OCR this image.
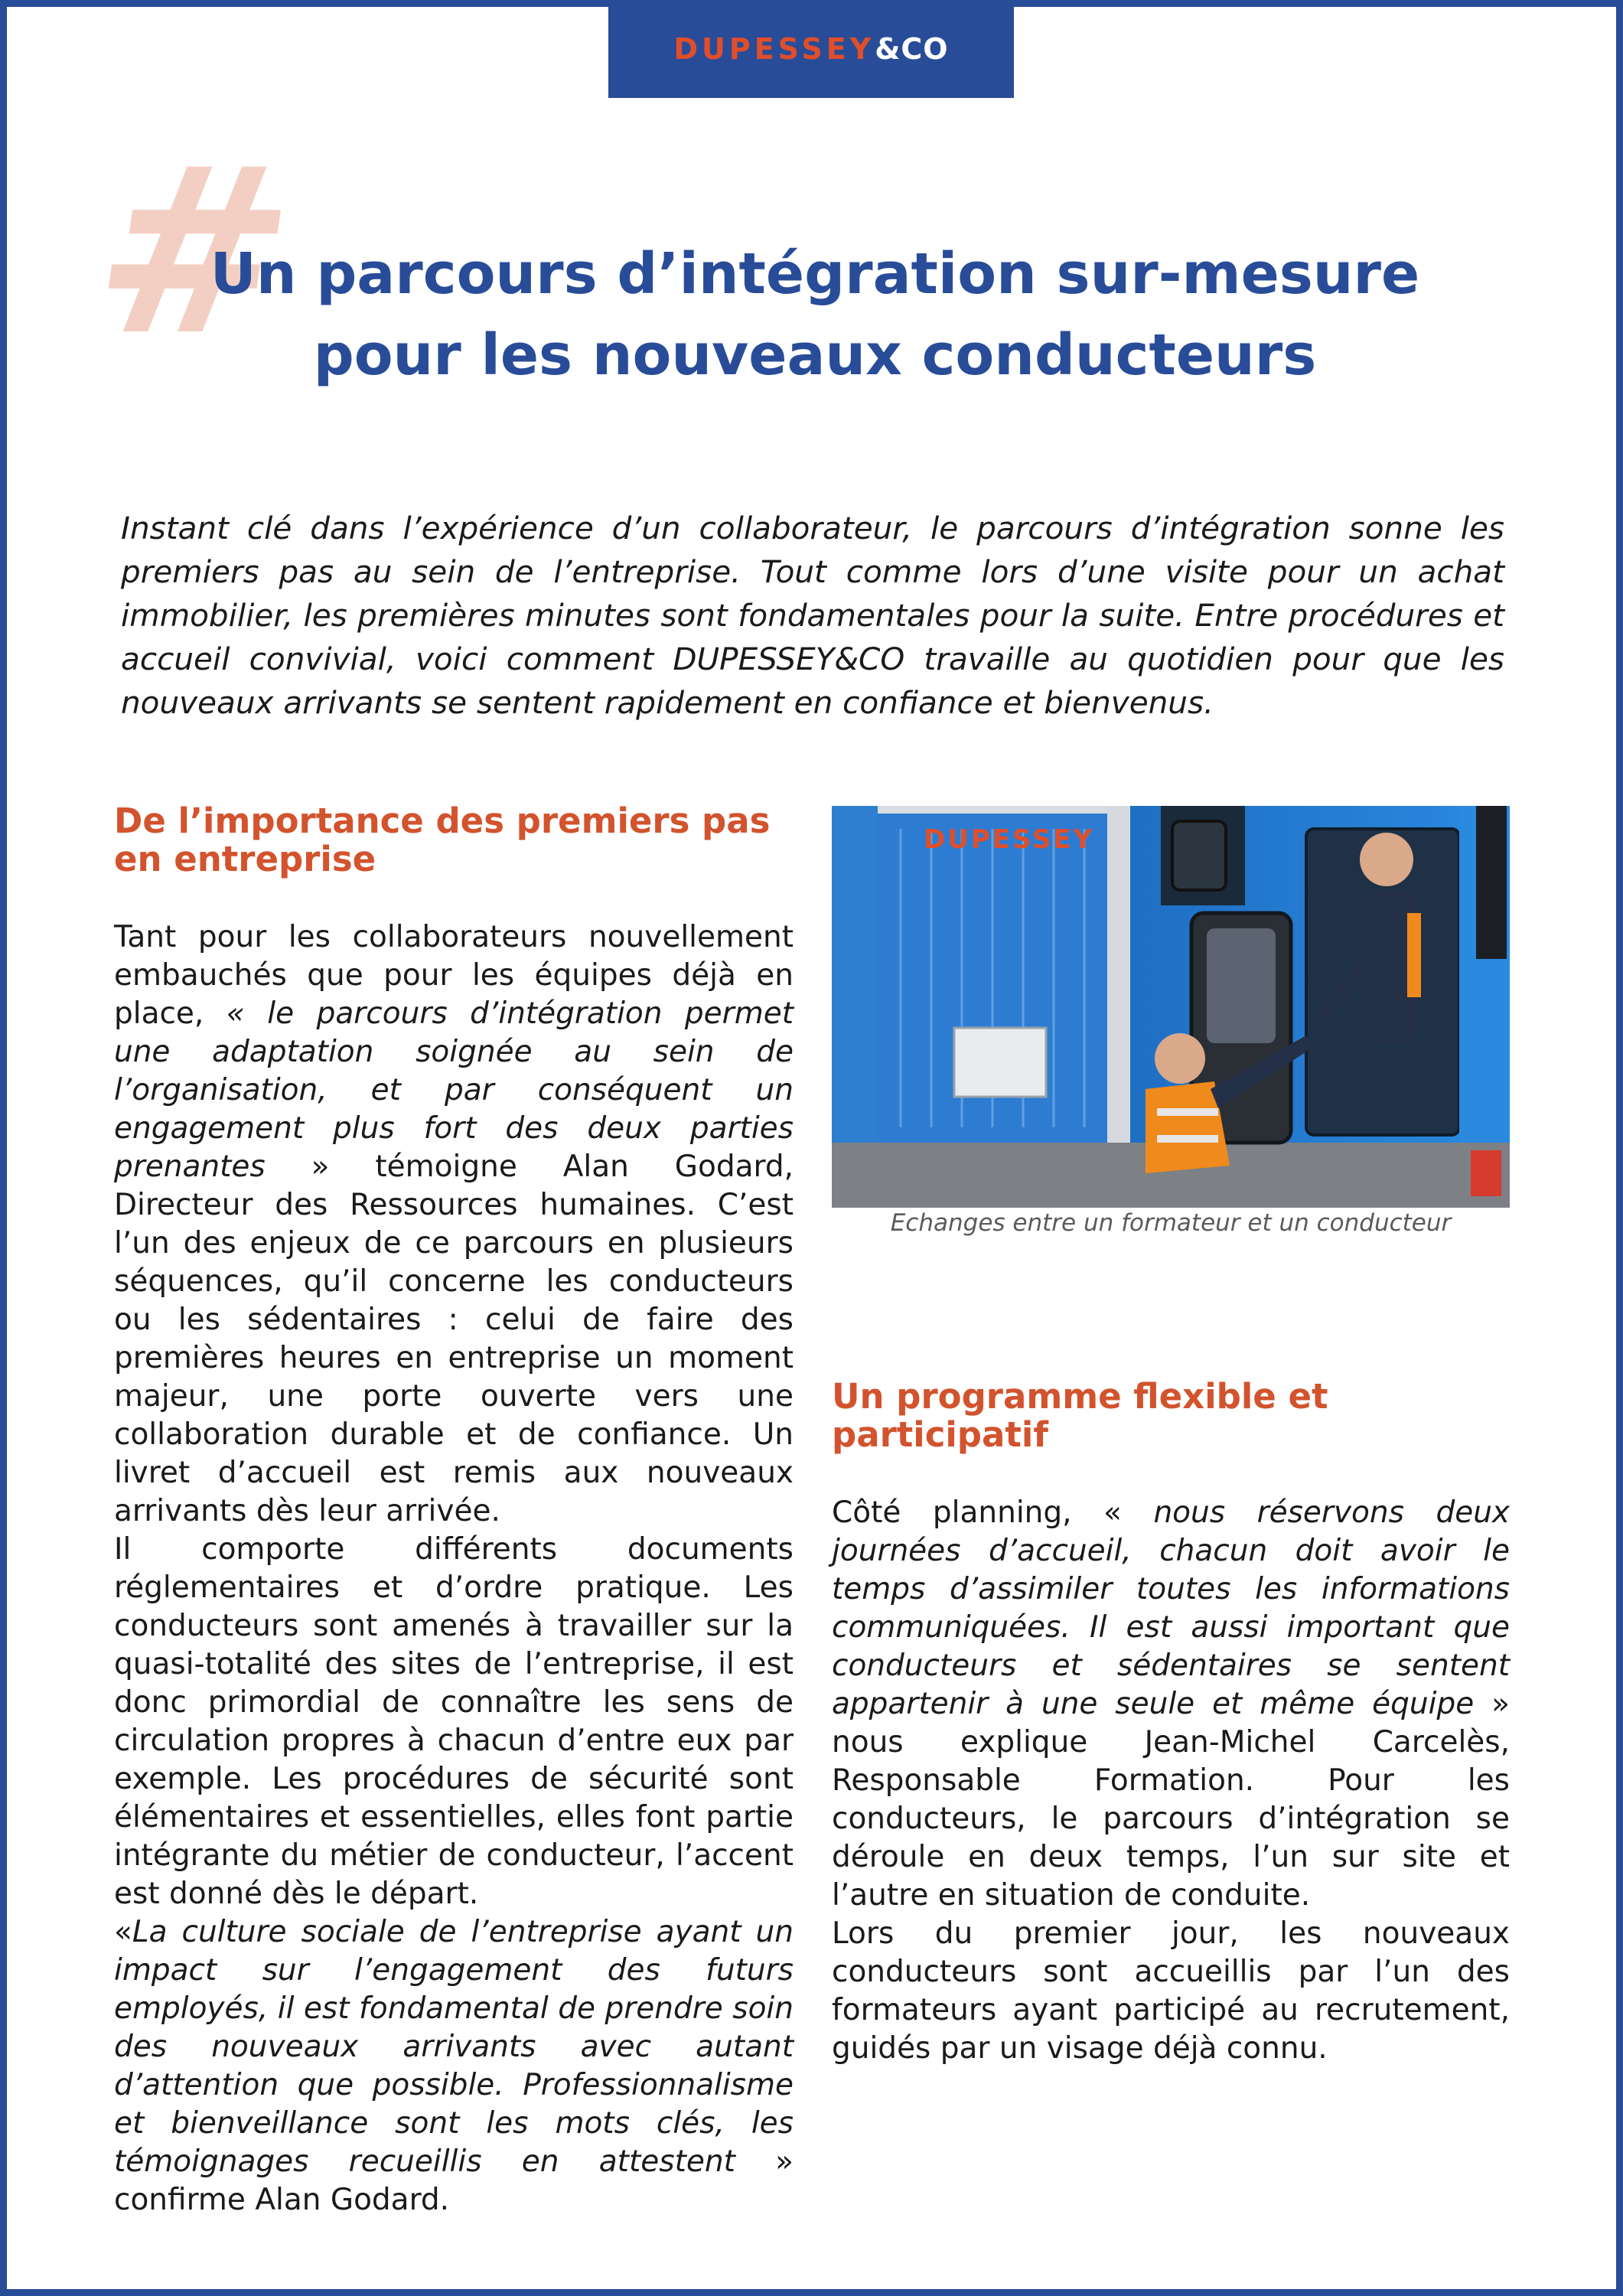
DUPESSEY&CO
#
Un parcours d’intégration sur-mesure
pour les nouveaux conducteurs

Instant clé dans l’expérience d’un collaborateur, le parcours d’intégration sonne les premiers pas au sein de l’entreprise. Tout comme lors d’une visite pour un achat immobilier, les premières minutes sont fondamentales pour la suite. Entre procédures et accueil convivial, voici comment DUPESSEY&CO travaille au quotidien pour que les nouveaux arrivants se sentent rapidement en confiance et bienvenus.

De l’importance des premiers pas en entreprise

Tant pour les collaborateurs nouvellement embauchés que pour les équipes déjà en place, « le parcours d’intégration permet une adaptation soignée au sein de l’organisation, et par conséquent un engagement plus fort des deux parties prenantes » témoigne Alan Godard, Directeur des Ressources humaines. C’est l’un des enjeux de ce parcours en plusieurs séquences, qu’il concerne les conducteurs ou les sédentaires : celui de faire des premières heures en entreprise un moment majeur, une porte ouverte vers une collaboration durable et de confiance. Un livret d’accueil est remis aux nouveaux arrivants dès leur arrivée.

Il comporte différents documents réglementaires et d’ordre pratique. Les conducteurs sont amenés à travailler sur la quasi-totalité des sites de l’entreprise, il est donc primordial de connaître les sens de circulation propres à chacun d’entre eux par exemple. Les procédures de sécurité sont élémentaires et essentielles, elles font partie intégrante du métier de conducteur, l’accent est donné dès le départ.

«La culture sociale de l’entreprise ayant un impact sur l’engagement des futurs employés, il est fondamental de prendre soin des nouveaux arrivants avec autant d’attention que possible. Professionnalisme et bienveillance sont les mots clés, les témoignages recueillis en attestent » confirme Alan Godard.

DUPESSEY

Echanges entre un formateur et un conducteur

Un programme flexible et participatif

Côté planning, « nous réservons deux journées d’accueil, chacun doit avoir le temps d’assimiler toutes les informations communiquées. Il est aussi important que conducteurs et sédentaires se sentent appartenir à une seule et même équipe » nous explique Jean-Michel Carcelès, Responsable Formation. Pour les conducteurs, le parcours d’intégration se déroule en deux temps, l’un sur site et l’autre en situation de conduite.

Lors du premier jour, les nouveaux conducteurs sont accueillis par l’un des formateurs ayant participé au recrutement, guidés par un visage déjà connu.
